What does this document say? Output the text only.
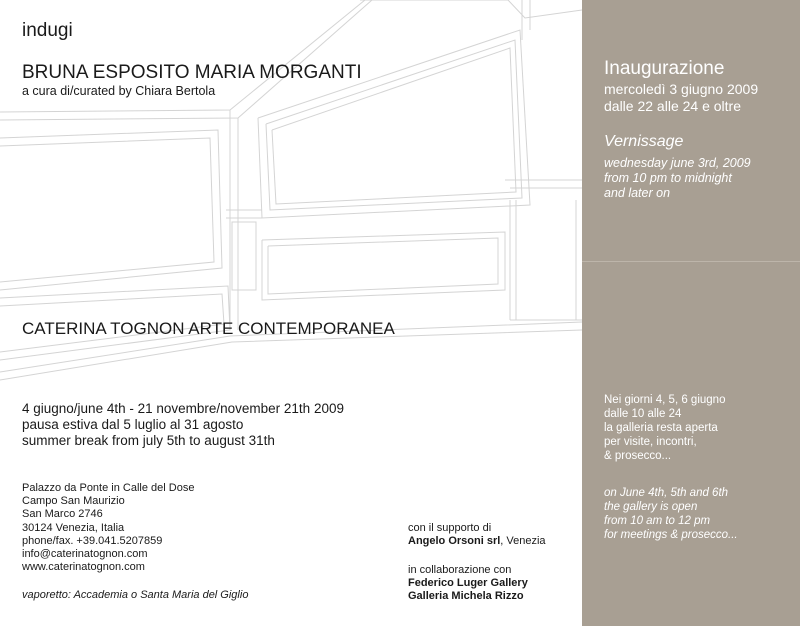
indugi
BRUNA ESPOSITO MARIA MORGANTI
a cura di/curated by Chiara Bertola
CATERINA TOGNON ARTE CONTEMPORANEA
4 giugno/june 4th - 21 novembre/november 21th 2009
pausa estiva dal 5 luglio al 31 agosto
summer break from july 5th to august 31th
Palazzo da Ponte in Calle del Dose
Campo San Maurizio
San Marco 2746
30124 Venezia, Italia
phone/fax. +39.041.5207859
info@caterinatognon.com
www.caterinatognon.com
vaporetto: Accademia o Santa Maria del Giglio
con il supporto di
Angelo Orsoni srl, Venezia
in collaborazione con
Federico Luger Gallery
Galleria Michela Rizzo
Inaugurazione
mercoledì 3 giugno 2009
dalle 22 alle 24 e oltre
Vernissage
wednesday june 3rd, 2009
from 10 pm to midnight
and later on
Nei giorni 4, 5, 6 giugno
dalle 10 alle 24
la galleria resta aperta
per visite, incontri,
& prosecco...
on June 4th, 5th and 6th
the gallery is open
from 10 am to 12 pm
for meetings & prosecco...
